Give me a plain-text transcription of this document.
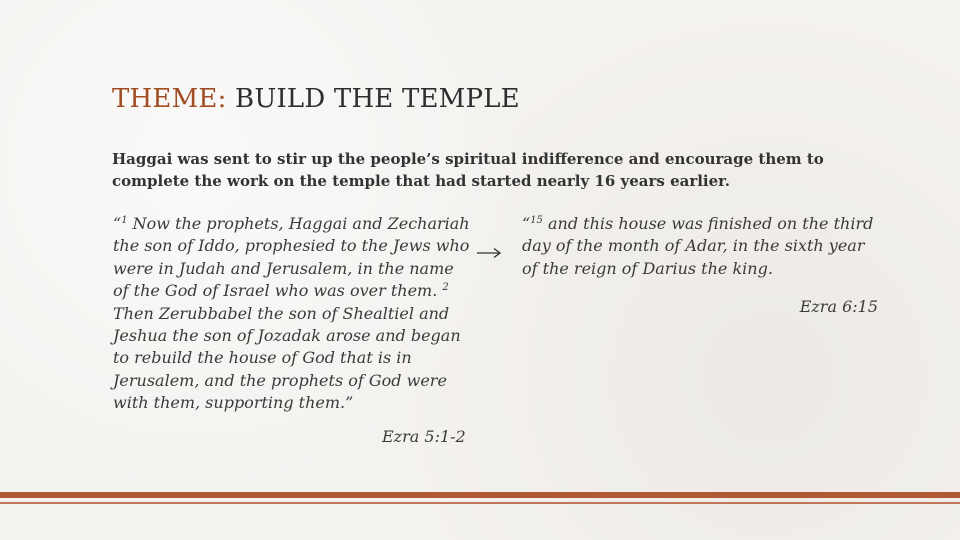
THEME: BUILD THE TEMPLE

Haggai was sent to stir up the people’s spiritual indifference and encourage them to complete the work on the temple that had started nearly 16 years earlier.

“$^1$ Now the prophets, Haggai and Zechariah the son of Iddo, prophesied to the Jews who were in Judah and Jerusalem, in the name of the God of Israel who was over them. $^2$ Then Zerubbabel the son of Shealtiel and Jeshua the son of Jozadak arose and began to rebuild the house of God that is in Jerusalem, and the prophets of God were with them, supporting them.”

Ezra 5:1-2

“$^{15}$ and this house was finished on the third day of the month of Adar, in the sixth year of the reign of Darius the king.

Ezra 6:15
